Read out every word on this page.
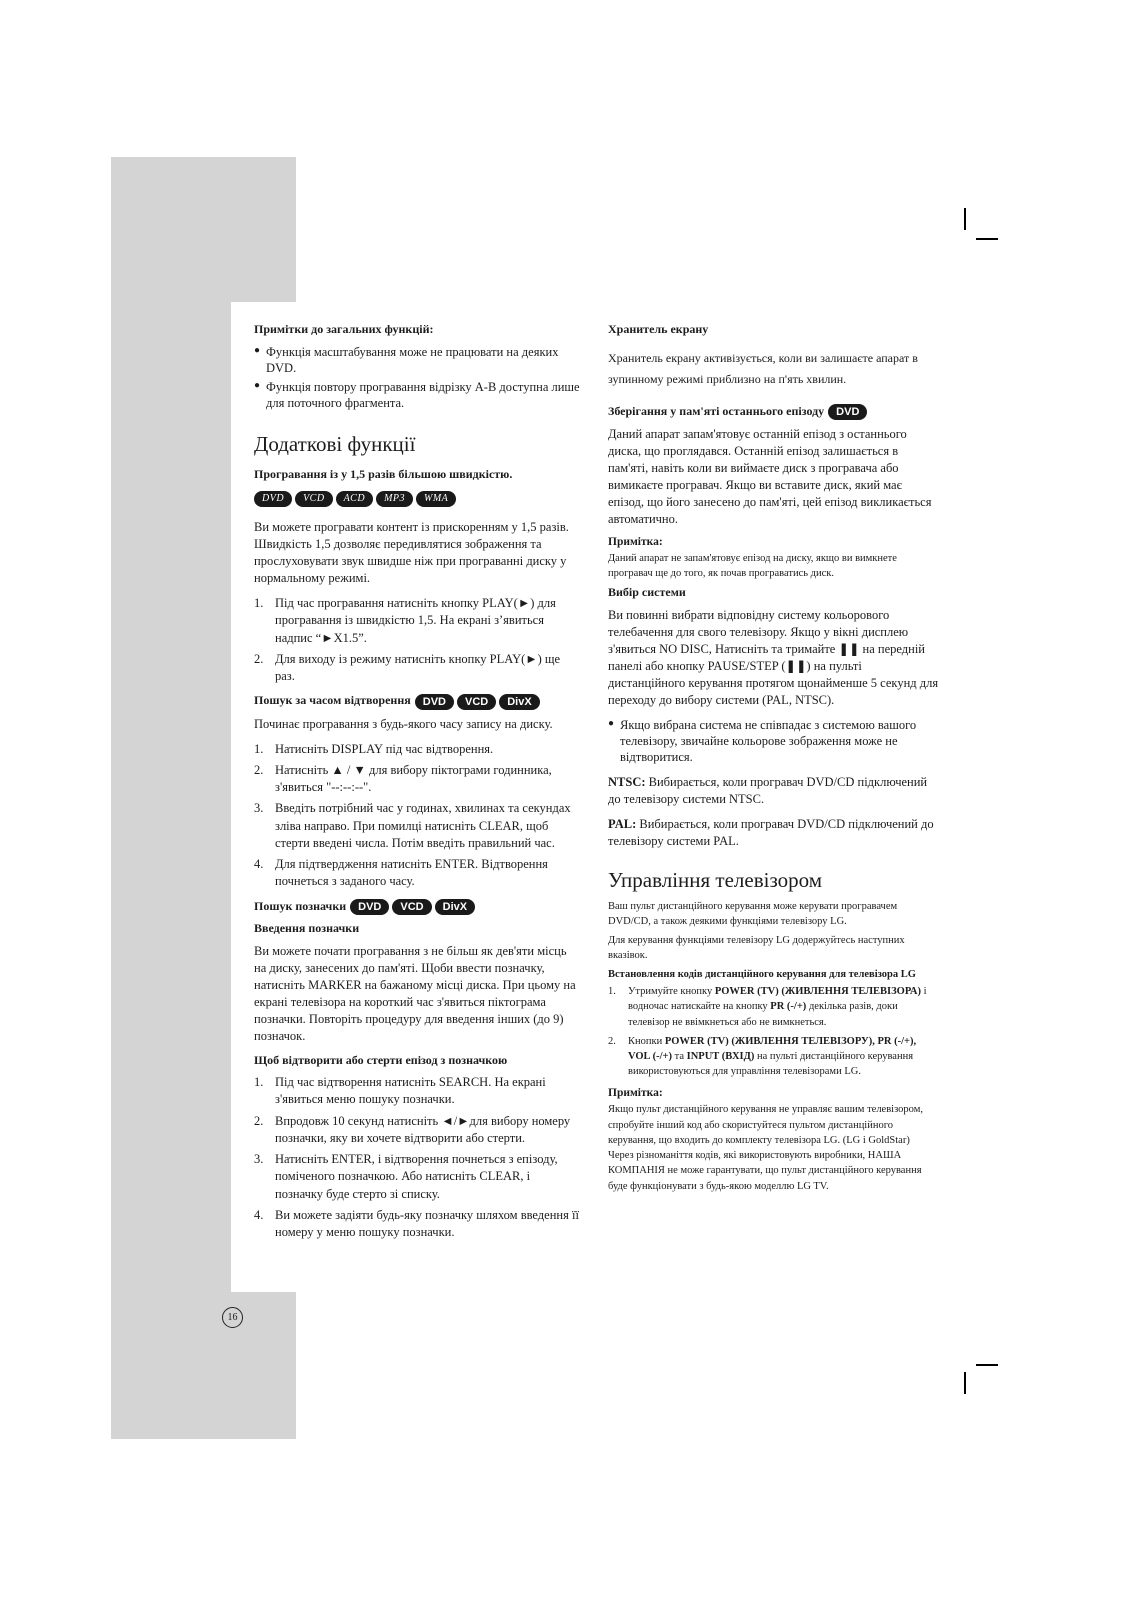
Примітки до загальних функцій:
● Функція масштабування може не працювати на деяких DVD.
● Функція повтору програвання відрізку A-B доступна лише для поточного фрагмента.
Додаткові функції
Програвання із у 1,5 разів більшою швидкістю.
DVD VCD ACD MP3 WMA

Ви можете програвати контент із прискоренням у 1,5 разів. Швидкість 1,5 дозволяє передивлятися зображення та прослуховувати звук швидше ніж при програванні диску у нормальному режимі.

1. Під час програвання натисніть кнопку PLAY(►) для програвання із швидкістю 1,5. На екрані з’явиться надпис “►X1.5”.
2. Для виходу із режиму натисніть кнопку PLAY(►) ще раз.
Пошук за часом відтворення DVD VCD DivX

Починає програвання з будь-якого часу запису на диску.

1. Натисніть DISPLAY під час відтворення.
2. Натисніть ▲ / ▼ для вибору піктограми годинника, з'явиться "--:--:--".
3. Введіть потрібний час у годинах, хвилинах та секундах зліва направо. При помилці натисніть CLEAR, щоб стерти введені числа. Потім введіть правильний час.
4. Для підтвердження натисніть ENTER. Відтворення почнеться з заданого часу.
Пошук позначки DVD VCD DivX
Введення позначки

Ви можете почати програвання з не більш як дев'яти місць на диску, занесених до пам'яті. Щоби ввести позначку, натисніть MARKER на бажаному місці диска. При цьому на екрані телевізора на короткий час з'явиться піктограма позначки. Повторіть процедуру для введення інших (до 9) позначок.

Щоб відтворити або стерти епізод з позначкою
1. Під час відтворення натисніть SEARCH. На екрані з'явиться меню пошуку позначки.
2. Впродовж 10 секунд натисніть ◄/►для вибору номеру позначки, яку ви хочете відтворити або стерти.
3. Натисніть ENTER, і відтворення почнеться з епізоду, поміченого позначкою. Або натисніть CLEAR, і позначку буде стерто зі списку.
4. Ви можете задіяти будь-яку позначку шляхом введення її номеру у меню пошуку позначки.
Хранитель екрану

Хранитель екрану активізується, коли ви залишаєте апарат в зупинному режимі приблизно на п'ять хвилин.

Зберігання у пам'яті останнього епізоду DVD

Даний апарат запам'ятовує останній епізод з останнього диска, що проглядався. Останній епізод залишається в пам'яті, навіть коли ви виймаєте диск з програвача або вимикаєте програвач. Якщо ви вставите диск, який має епізод, що його занесено до пам'яті, цей епізод викликається автоматично.

Примітка:

Даний апарат не запам'ятовує епізод на диску, якщо ви вимкнете програвач ще до того, як почав програватись диск.

Вибір системи

Ви повинні вибрати відповідну систему кольорового телебачення для свого телевізору. Якщо у вікні дисплею з'явиться NO DISC, Натисніть та тримайте ❚❚ на передній панелі або кнопку PAUSE/STEP (❚❚) на пульті дистанційного керування протягом щонайменше 5 секунд для переходу до вибору системи (PAL, NTSC).

● Якщо вибрана система не співпадає з системою вашого телевізору, звичайне кольорове зображення може не відтворитися.

NTSC: Вибирається, коли програвач DVD/CD підключений до телевізору системи NTSC.

PAL: Вибирається, коли програвач DVD/CD підключений до телевізору системи PAL.

Управління телевізором

Ваш пульт дистанційного керування може керувати програвачем DVD/CD, а також деякими функціями телевізору LG.

Для керування функціями телевізору LG додержуйтесь наступних вказівок.

Встановлення кодів дистанційного керування для телевізора LG
1. Утримуйте кнопку POWER (TV) (ЖИВЛЕННЯ ТЕЛЕВІЗОРА) і водночас натискайте на кнопку PR (-/+) декілька разів, доки телевізор не ввімкнеться або не вимкнеться.
2. Кнопки POWER (TV) (ЖИВЛЕННЯ ТЕЛЕВІЗОРУ), PR (-/+), VOL (-/+) та INPUT (ВХІД) на пульті дистанційного керування використовуються для управління телевізорами LG.
Примітка:

Якщо пульт дистанційного керування не управляє вашим телевізором, спробуйте інший код або скористуйтеся пультом дистанційного керування, що входить до комплекту телевізора LG. (LG і GoldStar)
Через різноманіття кодів, які використовують виробники, НАША КОМПАНІЯ не може гарантувати, що пульт дистанційного керування буде функціонувати з будь-якою моделлю LG TV.

16
